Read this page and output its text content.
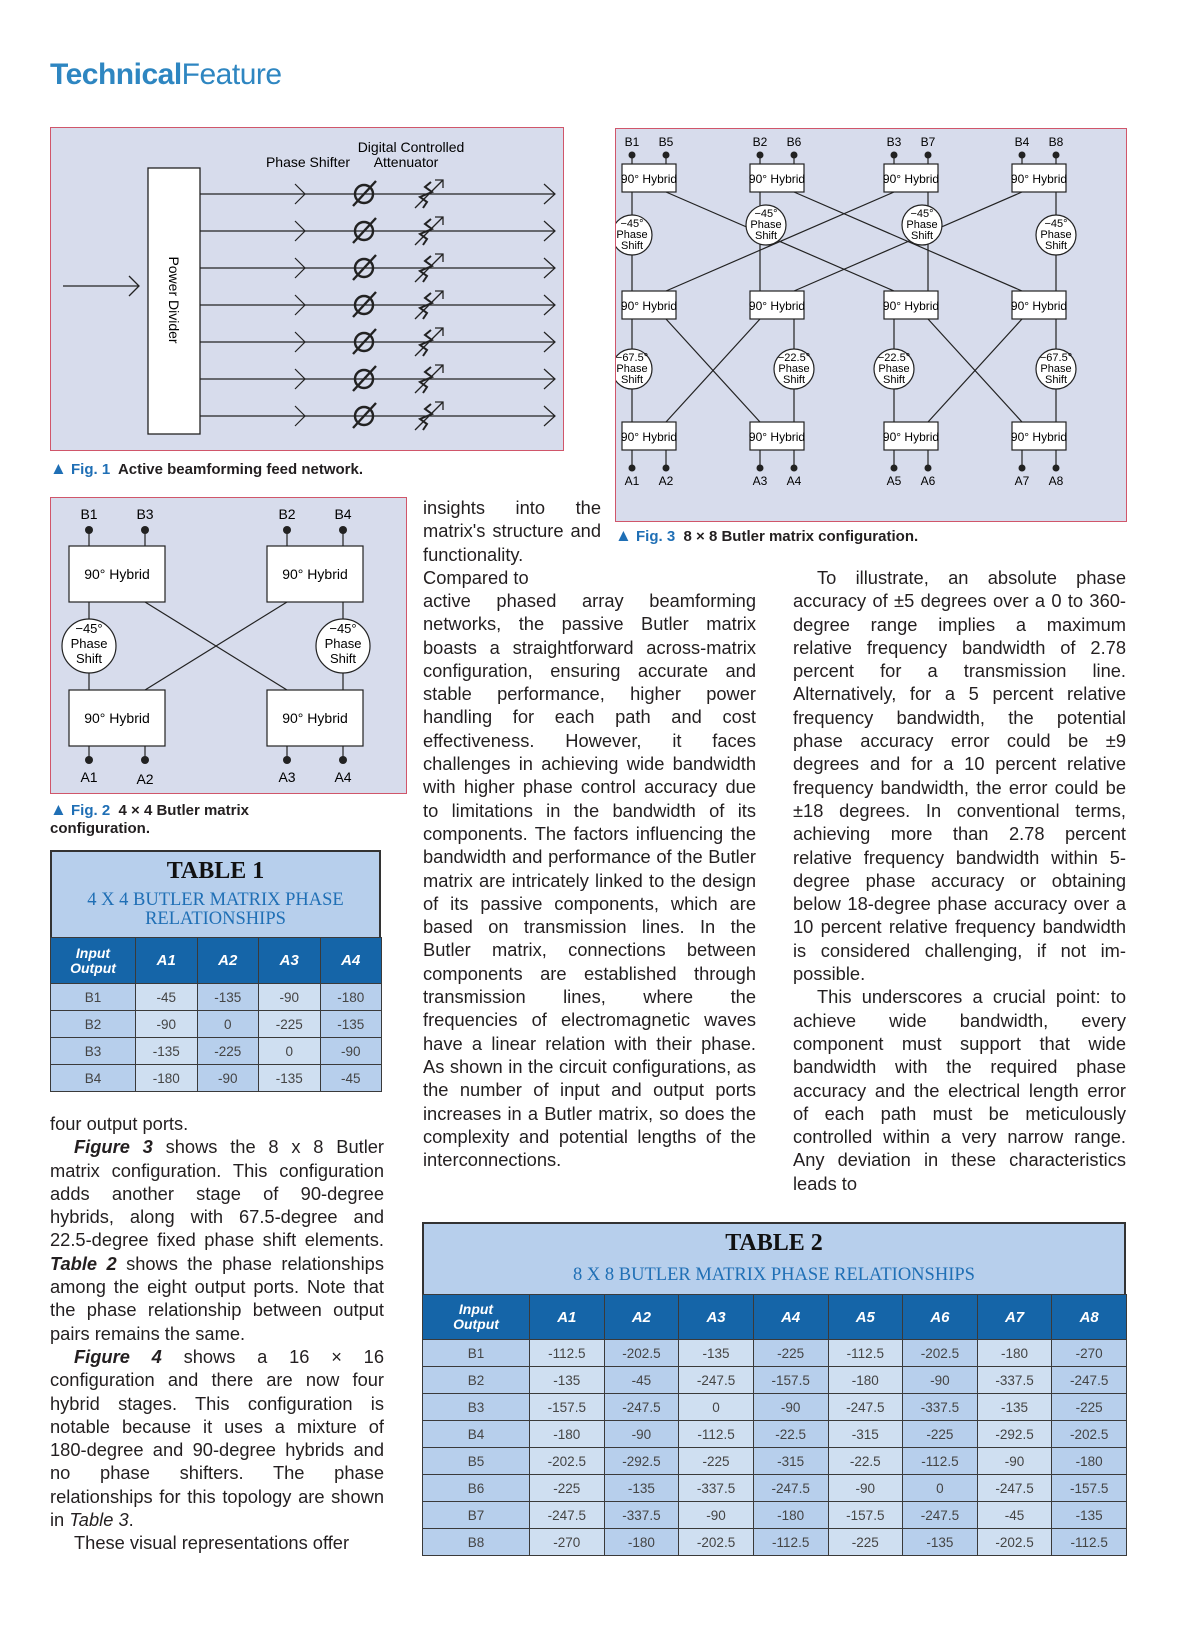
TechnicalFeature
Digital Controlled
Attenuator
Phase Shifter
Power Divider
▲ Fig. 1 Active beamforming feed network.
B1	B3	B2	B4
90° Hybrid	90° Hybrid
90° Hybrid	90° Hybrid
−45°
Phase
Shift
−45°
Phase
Shift
A1	A2	A3	A4
▲ Fig. 2 4 × 4 Butler matrix
configuration.
90° Hybrid	90° Hybrid	90° Hybrid	90° Hybrid
90° Hybrid	90° Hybrid	90° Hybrid	90° Hybrid
90° Hybrid	90° Hybrid	90° Hybrid	90° Hybrid
B1
A1
B5
A2
B2
A3
B6
A4
B3
A5
B7
A6
B4
A7
B8
A8
−45°
Phase
Shift
−45°
Phase
Shift
−45°
Phase
Shift
−45°
Phase
Shift
−67.5°
Phase
Shift
−22.5°
Phase
Shift
−22.5°
Phase
Shift
−67.5°
Phase
Shift
▲ Fig. 3 8 × 8 Butler matrix configuration.
TABLE 1
4 X 4 BUTLER MATRIX PHASE
RELATIONSHIPS
Input
Output	A1	A2	A3	A4
B1	-45	-135	-90	-180
B2	-90	0	-225	-135
B3	-135	-225	0	-90
B4	-180	-90	-135	-45
TABLE 2
8 X 8 BUTLER MATRIX PHASE RELATIONSHIPS
Input
Output	A1	A2	A3	A4	A5	A6	A7	A8
B1	-112.5	-202.5	-135	-225	-112.5	-202.5	-180	-270
B2	-135	-45	-247.5	-157.5	-180	-90	-337.5	-247.5
B3	-157.5	-247.5	0	-90	-247.5	-337.5	-135	-225
B4	-180	-90	-112.5	-22.5	-315	-225	-292.5	-202.5
B5	-202.5	-292.5	-225	-315	-22.5	-112.5	-90	-180
B6	-225	-135	-337.5	-247.5	-90	0	-247.5	-157.5
B7	-247.5	-337.5	-90	-180	-157.5	-247.5	-45	-135
B8	-270	-180	-202.5	-112.5	-225	-135	-202.5	-112.5

four output ports.

Figure 3 shows the 8 x 8 Butler matrix configuration. This configuration adds another stage of 90-degree hybrids, along with 67.5-degree and 22.5-degree fixed phase shift elements. Table 2 shows the phase relationships among the eight output ports. Note that the phase relationship between output pairs remains the same.

Figure 4 shows a 16 × 16 configuration and there are now four hybrid stages. This configuration is notable because it uses a mixture of 180-degree and 90-degree hybrids and no phase shifters. The phase relationships for this topology are shown in Table 3.

These visual representations offer

insights into the matrix's structure and functionality. Compared to

active phased array beamforming networks, the passive Butler matrix boasts a straightforward across-matrix configuration, ensuring accurate and stable performance, higher power handling for each path and cost effectiveness. However, it faces challenges in achieving wide bandwidth with higher phase control accuracy due to limitations in the bandwidth of its components. The factors influencing the bandwidth and performance of the Butler matrix are intricately linked to the design of its passive components, which are based on transmission lines. In the Butler matrix, connections between components are established through transmission lines, where the frequencies of electromagnetic waves have a linear relation with their phase. As shown in the circuit configurations, as the number of input and output ports increases in a Butler matrix, so does the complexity and potential lengths of the interconnections.

To illustrate, an absolute phase accuracy of ±5 degrees over a 0 to 360-degree range implies a maximum relative frequency bandwidth of 2.78 percent for a transmission line. Alternatively, for a 5 percent relative frequency bandwidth, the potential phase accuracy error could be ±9 degrees and for a 10 percent relative frequency bandwidth, the error could be ±18 degrees. In conventional terms, achieving more than 2.78 percent relative frequency bandwidth within 5-degree phase accuracy or obtaining below 18-degree phase accuracy over a 10 percent relative frequency bandwidth is considered challenging, if not impossible.

This underscores a crucial point: to achieve wide bandwidth, every component must support that wide bandwidth with the required phase accuracy and the electrical length error of each path must be meticulously controlled within a very narrow range. Any deviation in these characteristics leads to
